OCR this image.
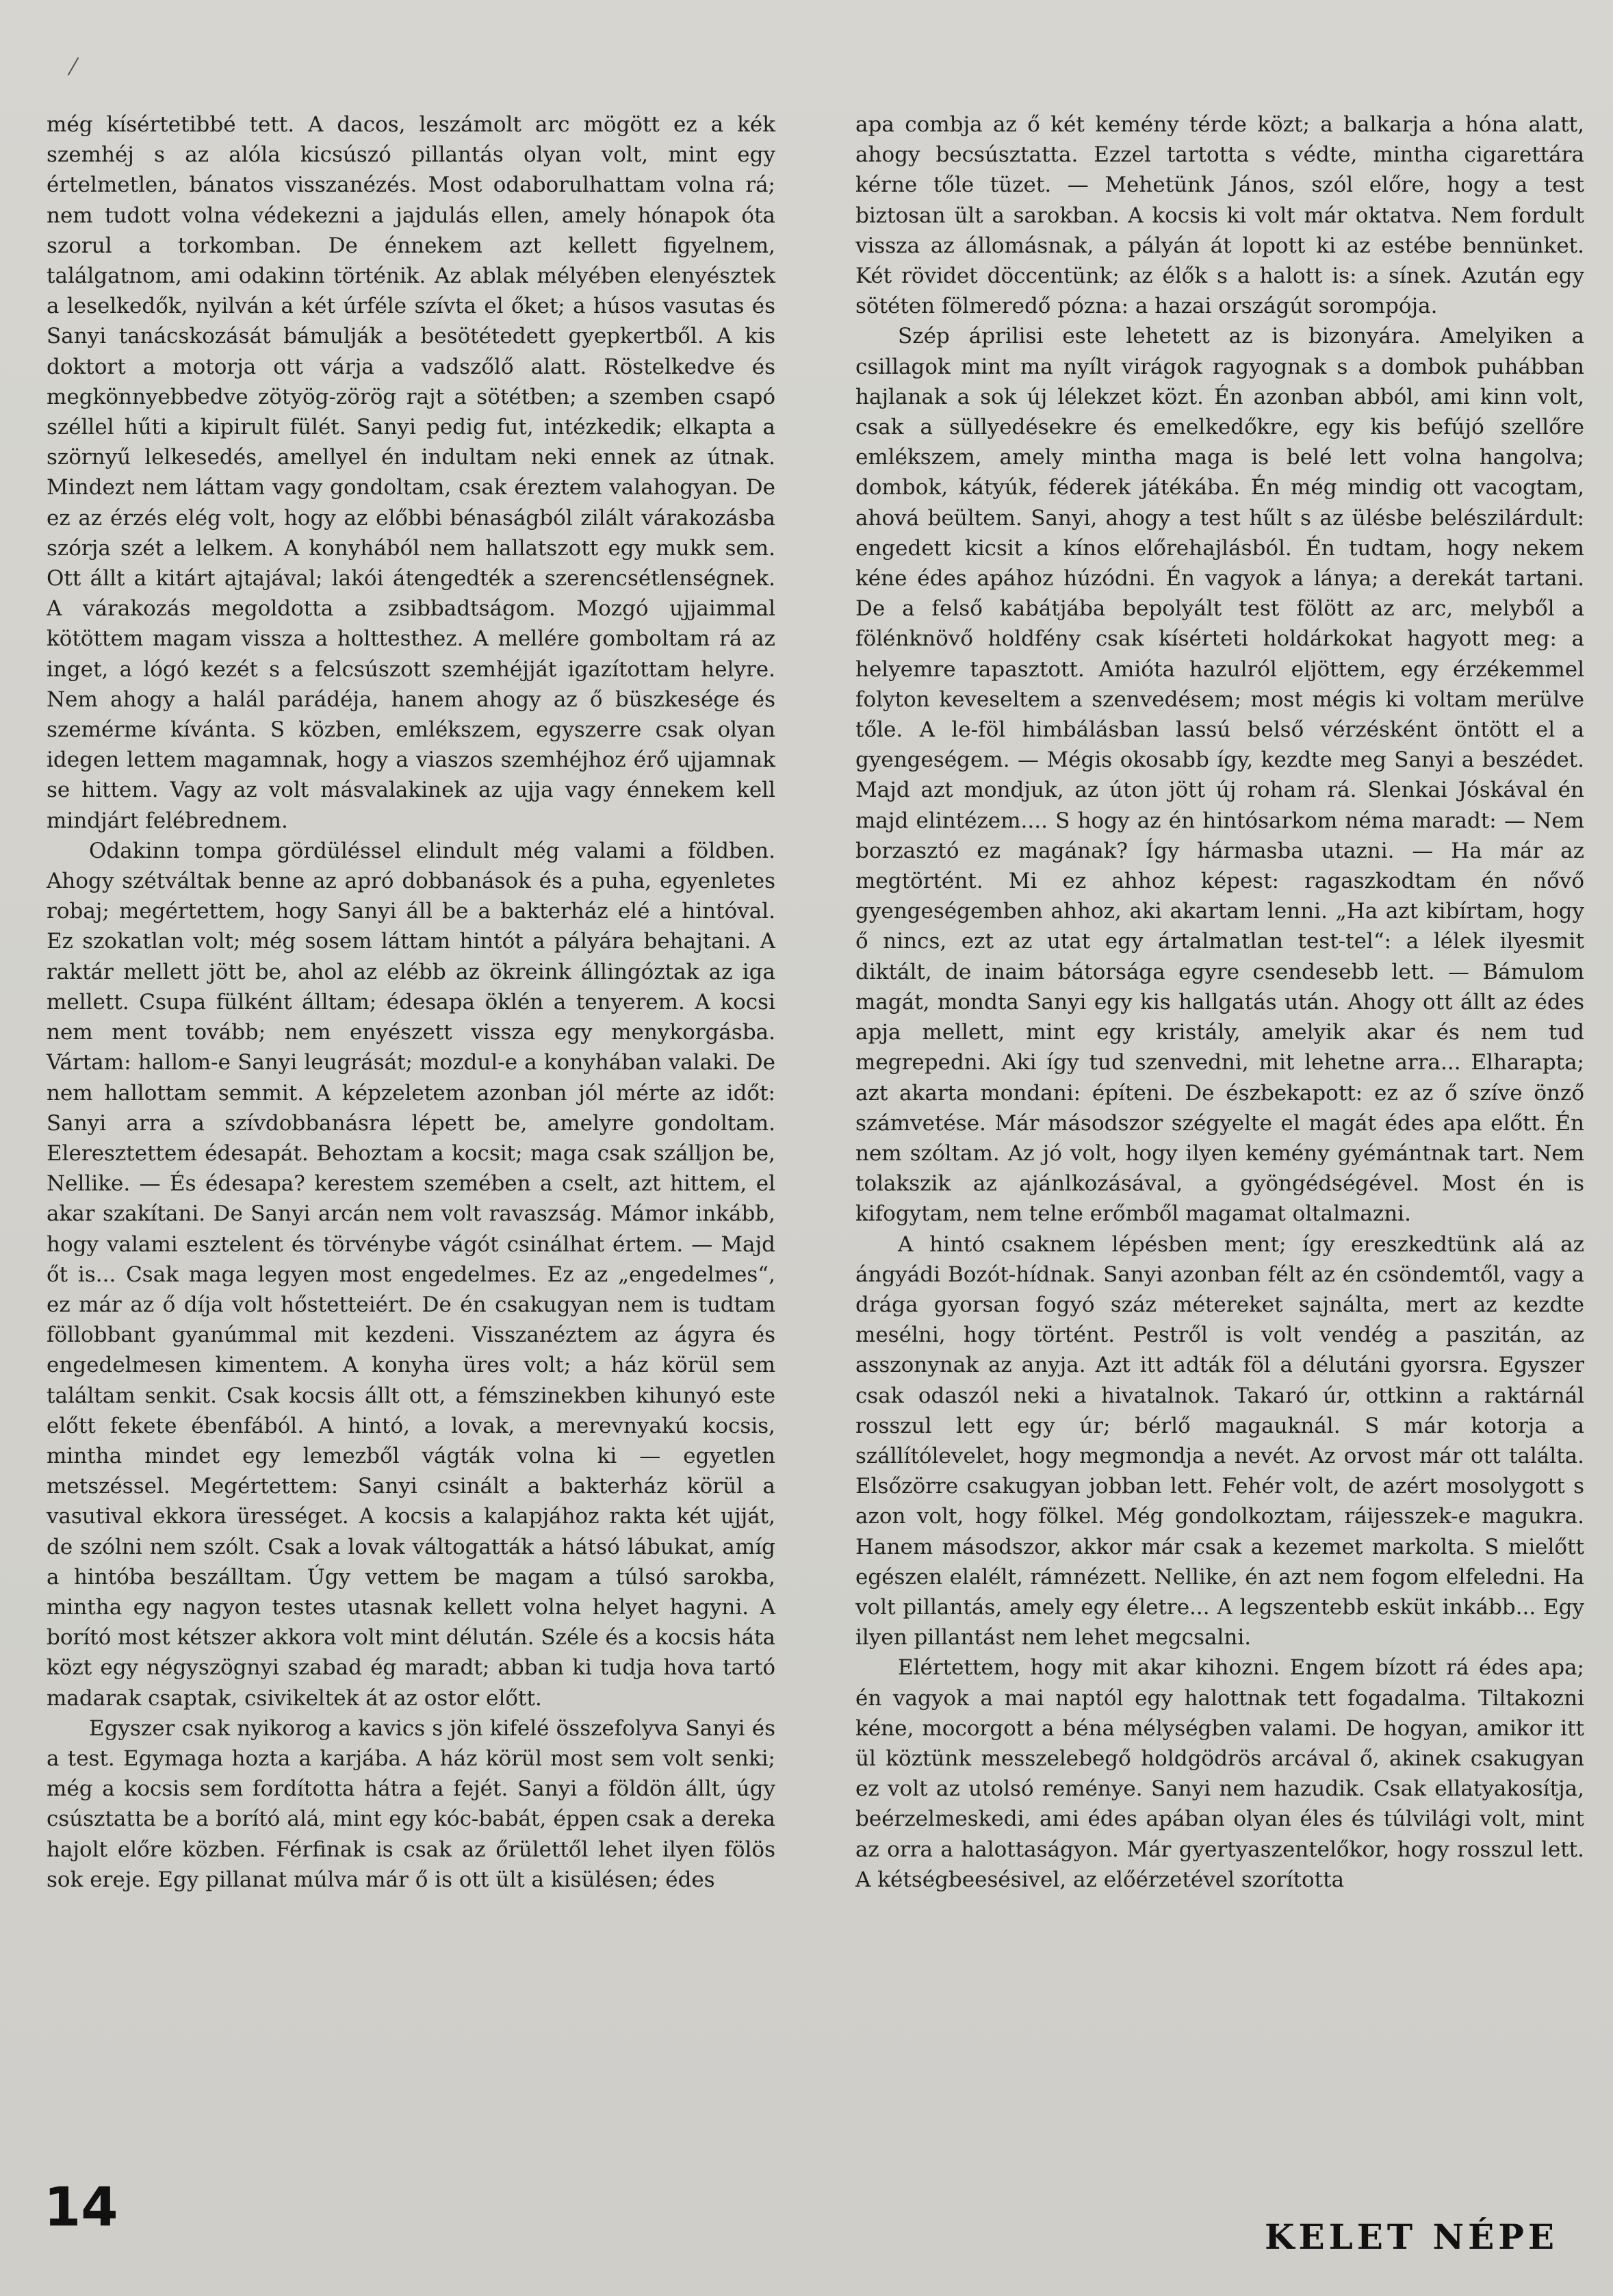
még kísértetibbé tett. A dacos, leszámolt arc mögött ez a kék szemhéj s az alóla kicsúszó pillantás olyan volt, mint egy értelmetlen, bánatos visszanézés. Most odaborulhattam volna rá; nem tudott volna védekezni a jajdulás ellen, amely hónapok óta szorul a torkomban. De énnekem azt kellett figyelnem, találgatnom, ami odakinn történik. Az ablak mélyében elenyésztek a leselkedők, nyilván a két úrféle szívta el őket; a húsos vasutas és Sanyi tanácskozását bámulják a besötétedett gyepkertből. A kis doktort a motorja ott várja a vadszőlő alatt. Röstelkedve és megkönnyebbedve zötyög-zörög rajt a sötétben; a szemben csapó széllel hűti a kipirult fülét. Sanyi pedig fut, intézkedik; elkapta a szörnyű lelkesedés, amellyel én indultam neki ennek az útnak. Mindezt nem láttam vagy gondoltam, csak éreztem valahogyan. De ez az érzés elég volt, hogy az előbbi bénaságból zilált várakozásba szórja szét a lelkem. A konyhából nem hallatszott egy mukk sem. Ott állt a kitárt ajtajával; lakói átengedték a szerencsétlenségnek. A várakozás megoldotta a zsibbadtságom. Mozgó ujjaimmal kötöttem magam vissza a holttesthez. A mellére gomboltam rá az inget, a lógó kezét s a felcsúszott szemhéjját igazítottam helyre. Nem ahogy a halál parádéja, hanem ahogy az ő büszkesége és szemérme kívánta. S közben, emlékszem, egyszerre csak olyan idegen lettem magamnak, hogy a viaszos szemhéjhoz érő ujjamnak se hittem. Vagy az volt másvalakinek az ujja vagy énnekem kell mindjárt felébrednem.

Odakinn tompa gördüléssel elindult még valami a földben. Ahogy szétváltak benne az apró dobbanások és a puha, egyenletes robaj; megértettem, hogy Sanyi áll be a bakterház elé a hintóval. Ez szokatlan volt; még sosem láttam hintót a pályára behajtani. A raktár mellett jött be, ahol az elébb az ökreink állingóztak az iga mellett. Csupa fülként álltam; édesapa öklén a tenyerem. A kocsi nem ment tovább; nem enyészett vissza egy menykorgásba. Vártam: hallom-e Sanyi leugrását; mozdul-e a konyhában valaki. De nem hallottam semmit. A képzeletem azonban jól mérte az időt: Sanyi arra a szívdobbanásra lépett be, amelyre gondoltam. Eleresztettem édesapát. Behoztam a kocsit; maga csak szálljon be, Nellike. — És édesapa? kerestem szemében a cselt, azt hittem, el akar szakítani. De Sanyi arcán nem volt ravaszság. Mámor inkább, hogy valami esztelent és törvénybe vágót csinálhat értem. — Majd őt is... Csak maga legyen most engedelmes. Ez az „engedelmes“, ez már az ő díja volt hőstetteiért. De én csakugyan nem is tudtam föllobbant gyanúmmal mit kezdeni. Visszanéztem az ágyra és engedelmesen kimentem. A konyha üres volt; a ház körül sem találtam senkit. Csak kocsis állt ott, a fémszinekben kihunyó este előtt fekete ébenfából. A hintó, a lovak, a merevnyakú kocsis, mintha mindet egy lemezből vágták volna ki — egyetlen metszéssel. Megértettem: Sanyi csinált a bakterház körül a vasutival ekkora ürességet. A kocsis a kalapjához rakta két ujját, de szólni nem szólt. Csak a lovak váltogatták a hátsó lábukat, amíg a hintóba beszálltam. Úgy vettem be magam a túlsó sarokba, mintha egy nagyon testes utasnak kellett volna helyet hagyni. A borító most kétszer akkora volt mint délután. Széle és a kocsis háta közt egy négyszögnyi szabad ég maradt; abban ki tudja hova tartó madarak csaptak, csivikeltek át az ostor előtt.

Egyszer csak nyikorog a kavics s jön kifelé összefolyva Sanyi és a test. Egymaga hozta a karjába. A ház körül most sem volt senki; még a kocsis sem fordította hátra a fejét. Sanyi a földön állt, úgy csúsztatta be a borító alá, mint egy kóc-babát, éppen csak a dereka hajolt előre közben. Férfinak is csak az őrülettől lehet ilyen fölös sok ereje. Egy pillanat múlva már ő is ott ült a kisülésen; édes

apa combja az ő két kemény térde közt; a balkarja a hóna alatt, ahogy becsúsztatta. Ezzel tartotta s védte, mintha cigarettára kérne tőle tüzet. — Mehetünk János, szól előre, hogy a test biztosan ült a sarokban. A kocsis ki volt már oktatva. Nem fordult vissza az állomásnak, a pályán át lopott ki az estébe bennünket. Két rövidet döccentünk; az élők s a halott is: a sínek. Azután egy sötéten fölmeredő pózna: a hazai országút sorompója.

Szép áprilisi este lehetett az is bizonyára. Amelyiken a csillagok mint ma nyílt virágok ragyognak s a dombok puhábban hajlanak a sok új lélekzet közt. Én azonban abból, ami kinn volt, csak a süllyedésekre és emelkedőkre, egy kis befújó szellőre emlékszem, amely mintha maga is belé lett volna hangolva; dombok, kátyúk, féderek játékába. Én még mindig ott vacogtam, ahová beültem. Sanyi, ahogy a test hűlt s az ülésbe belészilárdult: engedett kicsit a kínos előrehajlásból. Én tudtam, hogy nekem kéne édes apához húzódni. Én vagyok a lánya; a derekát tartani. De a felső kabátjába bepolyált test fölött az arc, melyből a fölénknövő holdfény csak kísérteti holdárkokat hagyott meg: a helyemre tapasztott. Amióta hazulról eljöttem, egy érzékemmel folyton keveseltem a szenvedésem; most mégis ki voltam merülve tőle. A le-föl himbálásban lassú belső vérzésként öntött el a gyengeségem. — Mégis okosabb így, kezdte meg Sanyi a beszédet. Majd azt mondjuk, az úton jött új roham rá. Slenkai Jóskával én majd elintézem.... S hogy az én hintósarkom néma maradt: — Nem borzasztó ez magának? Így hármasba utazni. — Ha már az megtörtént. Mi ez ahhoz képest: ragaszkodtam én nővő gyengeségemben ahhoz, aki akartam lenni. „Ha azt kibírtam, hogy ő nincs, ezt az utat egy ártalmatlan test-tel“: a lélek ilyesmit diktált, de inaim bátorsága egyre csendesebb lett. — Bámulom magát, mondta Sanyi egy kis hallgatás után. Ahogy ott állt az édes apja mellett, mint egy kristály, amelyik akar és nem tud megrepedni. Aki így tud szenvedni, mit lehetne arra... Elharapta; azt akarta mondani: építeni. De észbekapott: ez az ő szíve önző számvetése. Már másodszor szégyelte el magát édes apa előtt. Én nem szóltam. Az jó volt, hogy ilyen kemény gyémántnak tart. Nem tolakszik az ajánlkozásával, a gyöngédségével. Most én is kifogytam, nem telne erőmből magamat oltalmazni.

A hintó csaknem lépésben ment; így ereszkedtünk alá az ángyádi Bozót-hídnak. Sanyi azonban félt az én csöndemtől, vagy a drága gyorsan fogyó száz métereket sajnálta, mert az kezdte mesélni, hogy történt. Pestről is volt vendég a paszitán, az asszonynak az anyja. Azt itt adták föl a délutáni gyorsra. Egyszer csak odaszól neki a hivatalnok. Takaró úr, ottkinn a raktárnál rosszul lett egy úr; bérlő magauknál. S már kotorja a szállítólevelet, hogy megmondja a nevét. Az orvost már ott találta. Elsőzörre csakugyan jobban lett. Fehér volt, de azért mosolygott s azon volt, hogy fölkel. Még gondolkoztam, ráijesszek-e magukra. Hanem másodszor, akkor már csak a kezemet markolta. S mielőtt egészen elalélt, rámnézett. Nellike, én azt nem fogom elfeledni. Ha volt pillantás, amely egy életre... A legszentebb esküt inkább... Egy ilyen pillantást nem lehet megcsalni.

Elértettem, hogy mit akar kihozni. Engem bízott rá édes apa; én vagyok a mai naptól egy halottnak tett fogadalma. Tiltakozni kéne, mocorgott a béna mélységben valami. De hogyan, amikor itt ül köztünk messzelebegő holdgödrös arcával ő, akinek csakugyan ez volt az utolsó reménye. Sanyi nem hazudik. Csak ellatyakosítja, beérzelmeskedi, ami édes apában olyan éles és túlvilági volt, mint az orra a halottaságyon. Már gyertyaszentelőkor, hogy rosszul lett. A kétségbeesésivel, az előérzetével szorította

14	KELET NÉPE
